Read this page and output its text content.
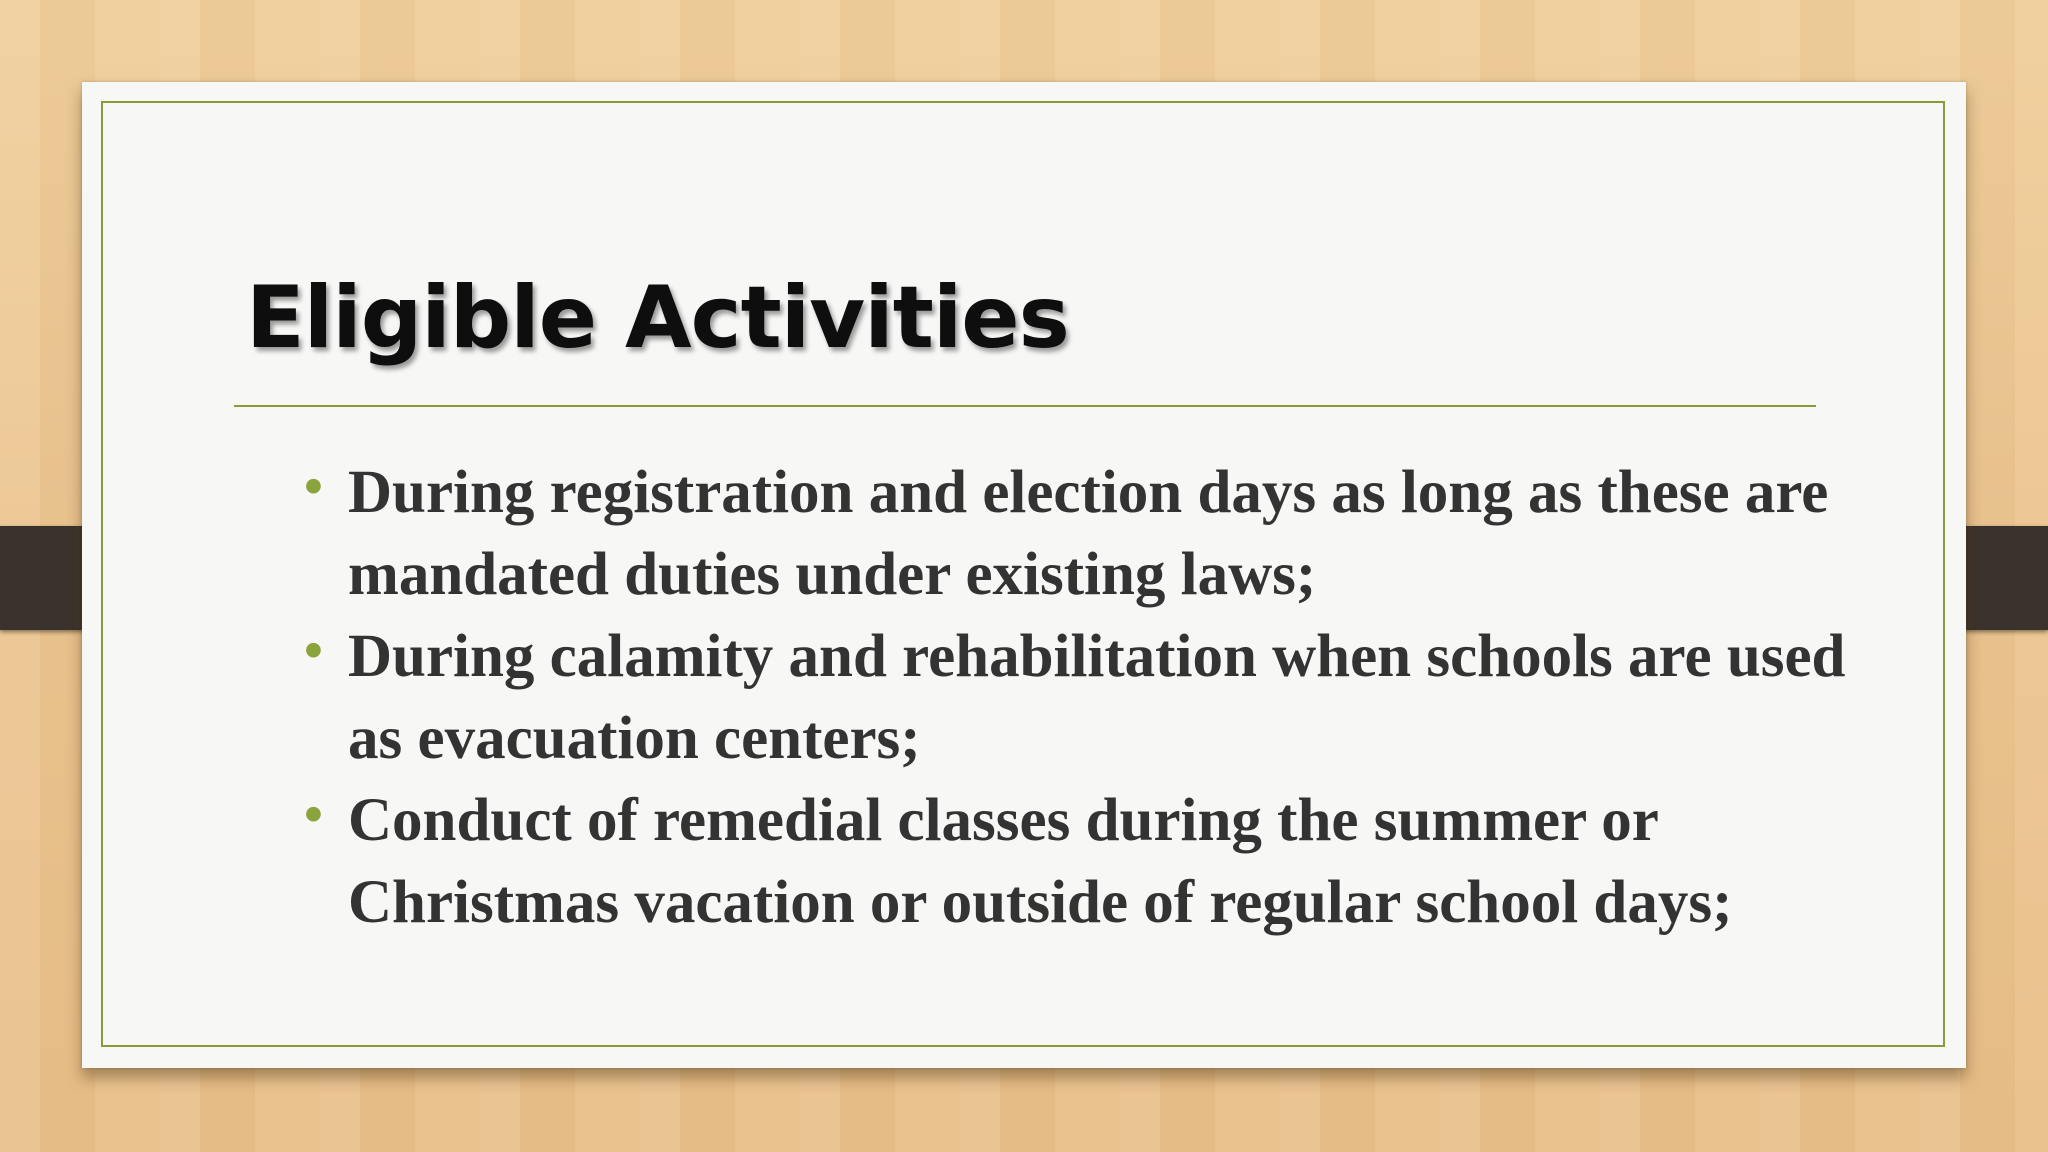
Eligible Activities
• During registration and election days as long as these are mandated duties under existing laws;
• During calamity and rehabilitation when schools are used as evacuation centers;
• Conduct of remedial classes during the summer or Christmas vacation or outside of regular school days;
